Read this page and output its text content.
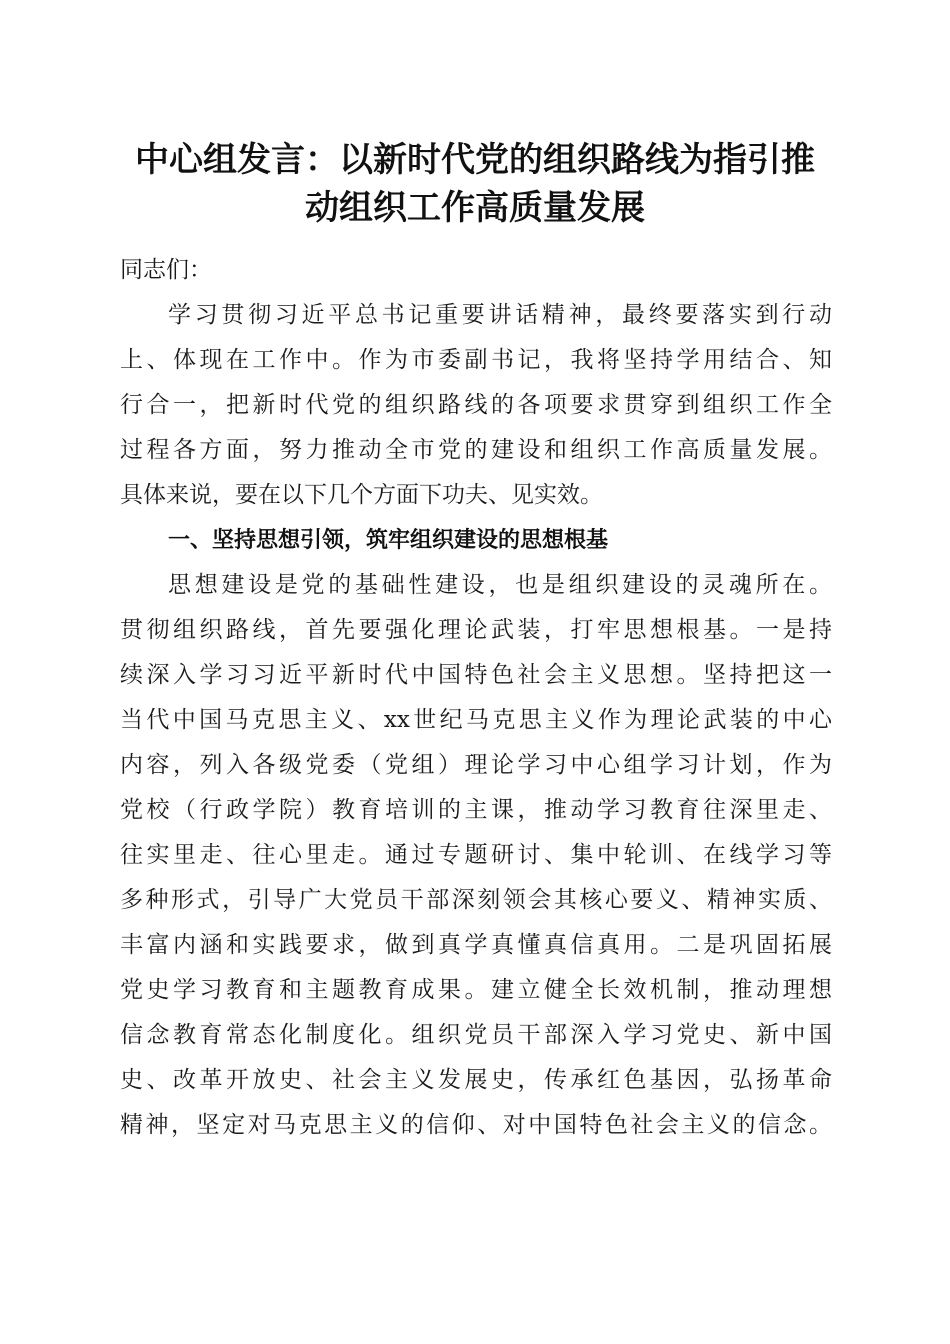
中心组发言：以新时代党的组织路线为指引推
动组织工作高质量发展
同志们：
学习贯彻习近平总书记重要讲话精神，最终要落实到行动
上、体现在工作中。作为市委副书记，我将坚持学用结合、知
行合一，把新时代党的组织路线的各项要求贯穿到组织工作全
过程各方面，努力推动全市党的建设和组织工作高质量发展。
具体来说，要在以下几个方面下功夫、见实效。
一、坚持思想引领，筑牢组织建设的思想根基
思想建设是党的基础性建设，也是组织建设的灵魂所在。
贯彻组织路线，首先要强化理论武装，打牢思想根基。一是持
续深入学习习近平新时代中国特色社会主义思想。坚持把这一
当代中国马克思主义、xx世纪马克思主义作为理论武装的中心
内容，列入各级党委（党组）理论学习中心组学习计划，作为
党校（行政学院）教育培训的主课，推动学习教育往深里走、
往实里走、往心里走。通过专题研讨、集中轮训、在线学习等
多种形式，引导广大党员干部深刻领会其核心要义、精神实质、
丰富内涵和实践要求，做到真学真懂真信真用。二是巩固拓展
党史学习教育和主题教育成果。建立健全长效机制，推动理想
信念教育常态化制度化。组织党员干部深入学习党史、新中国
史、改革开放史、社会主义发展史，传承红色基因，弘扬革命
精神，坚定对马克思主义的信仰、对中国特色社会主义的信念。
